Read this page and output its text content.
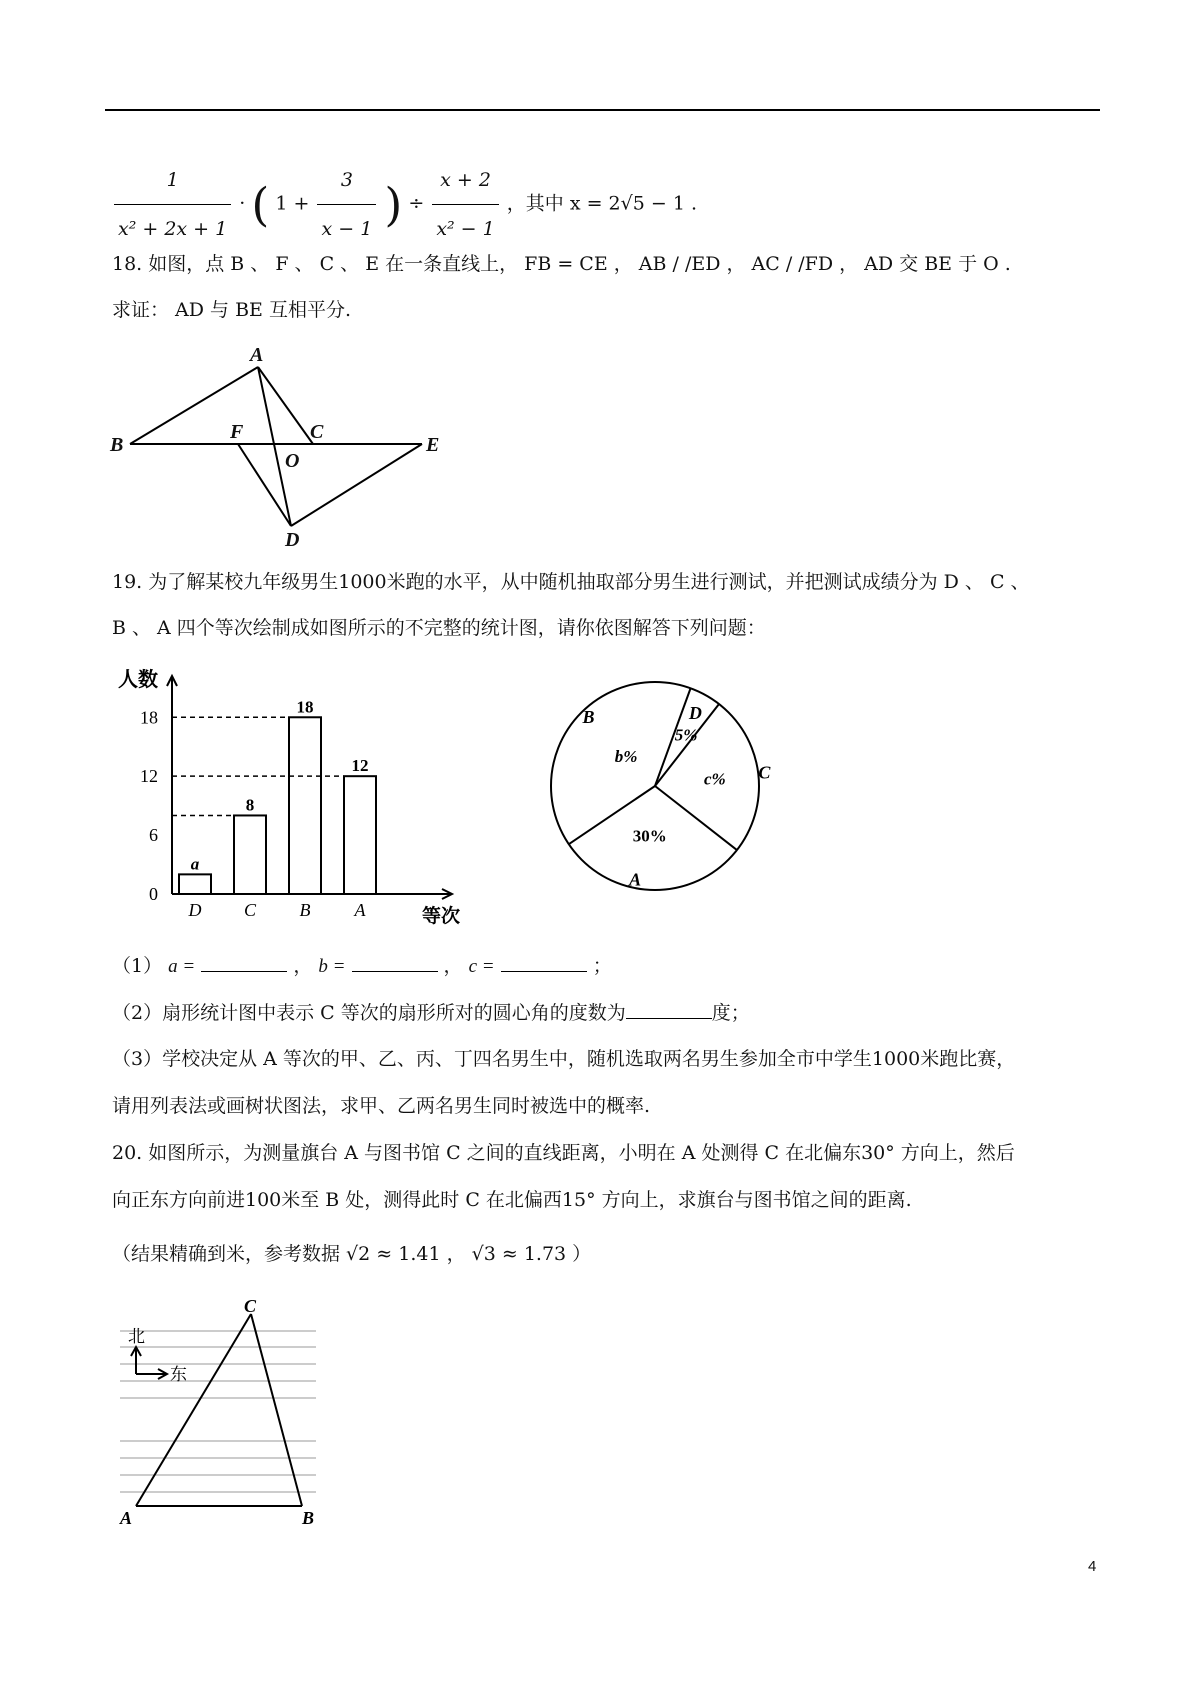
$\frac{1}{\text{x² + 2x + 1}}$ · ( $1 + \frac{3}{x - 1}$ ) ÷ $\frac{x + 2}{\text{x² − 1}}$ ，其中 x = 2√5 − 1 .
18. 如图，点 B 、 F 、 C 、 E 在一条直线上， FB = CE ， AB / /ED ， AC / /FD ， AD 交 BE 于 O .
求证： AD 与 BE 互相平分.
A
B
F	C
E
O
D
19. 为了解某校九年级男生1000米跑的水平，从中随机抽取部分男生进行测试，并把测试成绩分为 D 、 C 、
B 、 A 四个等次绘制成如图所示的不完整的统计图，请你依图解答下列问题：
人数
等次
0
6
12
18
a
D
8
C
18
B
12
A
D
5%
C
c%
A
30%
B
b%
（1） a =	， b =	， c =	；
（2）扇形统计图中表示 C 等次的扇形所对的圆心角的度数为	度；
（3）学校决定从 A 等次的甲、乙、丙、丁四名男生中，随机选取两名男生参加全市中学生1000米跑比赛，
请用列表法或画树状图法，求甲、乙两名男生同时被选中的概率.
20. 如图所示，为测量旗台 A 与图书馆 C 之间的直线距离，小明在 A 处测得 C 在北偏东30° 方向上，然后
向正东方向前进100米至 B 处，测得此时 C 在北偏西15° 方向上，求旗台与图书馆之间的距离.
（结果精确到米，参考数据 √2 ≈ 1.41 ， √3 ≈ 1.73 ）
北
东
C
A	B
4
